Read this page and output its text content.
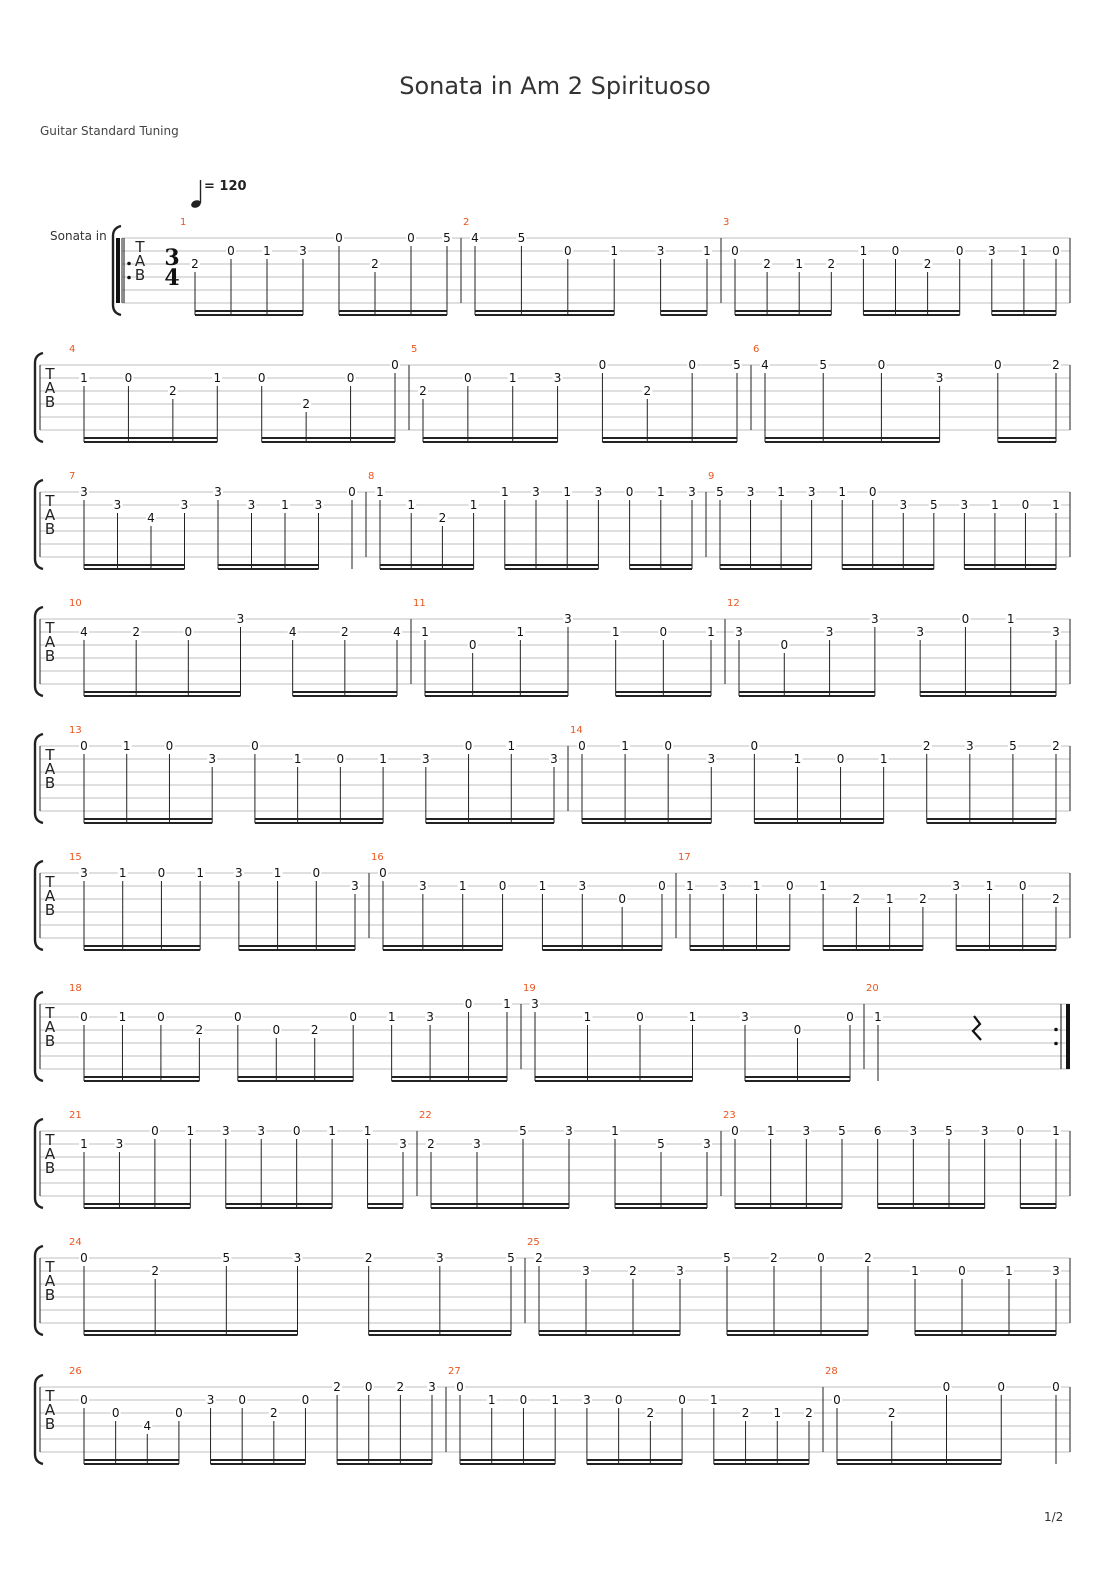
Sonata in Am 2 Spirituoso
Guitar Standard Tuning
= 120
Sonata in
T
A
B
3
4
1
2
0 1 3
0
2
0 5
2
4	5
0	1	3	1
3
0
2 1 2
1 0
2
0 3 1 0
T
A
B
4
1	0
2
1	0
2
0
0
5
2
0	1	3
0
2
0	5
6
4	5	0
3
0	2
T
A
B
7
3
3
4
3
3
3 1 3
0
8
1
1
2
1
1 3 1 3 0 1 3
9
5 3 1 3 1 0
3 5 3 1 0 1
T
A
B
10
4	2	0
3
4	2	4
11
1
0
1
3
1	0	1
12
3
0
3
3
3
0	1
3
T
A
B
13
0	1	0
3
0
1	0	1	3
0	1
3
14
0	1	0
3
0
1	0	1
2	3	5	2
T
A
B
15
3	1	0	1	3	1	0
3
16
0
3	1	0	1	3
0
0
17
1 3 1 0 1
2 1 2
3 1 0
2
T
A
B
18
0	1	0
2
0
0	2
0	1	3
0	1
19
3
1	0	1	3
0
0
20
1
T
A
B
21
1 3
0 1 3 3 0 1 1
3
22
2	3
5	3	1
5	3
23
0 1 3 5 6 3 5 3 0 1
T
A
B
24
0
2
5	3	2	3	5
25
2
3	2	3
5	2	0	2
1	0	1	3
T
A
B
26
0
0
4
0
3 0
2
0
2 0 2 3
27
0
1 0 1 3 0
2
0 1
2 1 2
28
0
2
0	0	0
1/2
